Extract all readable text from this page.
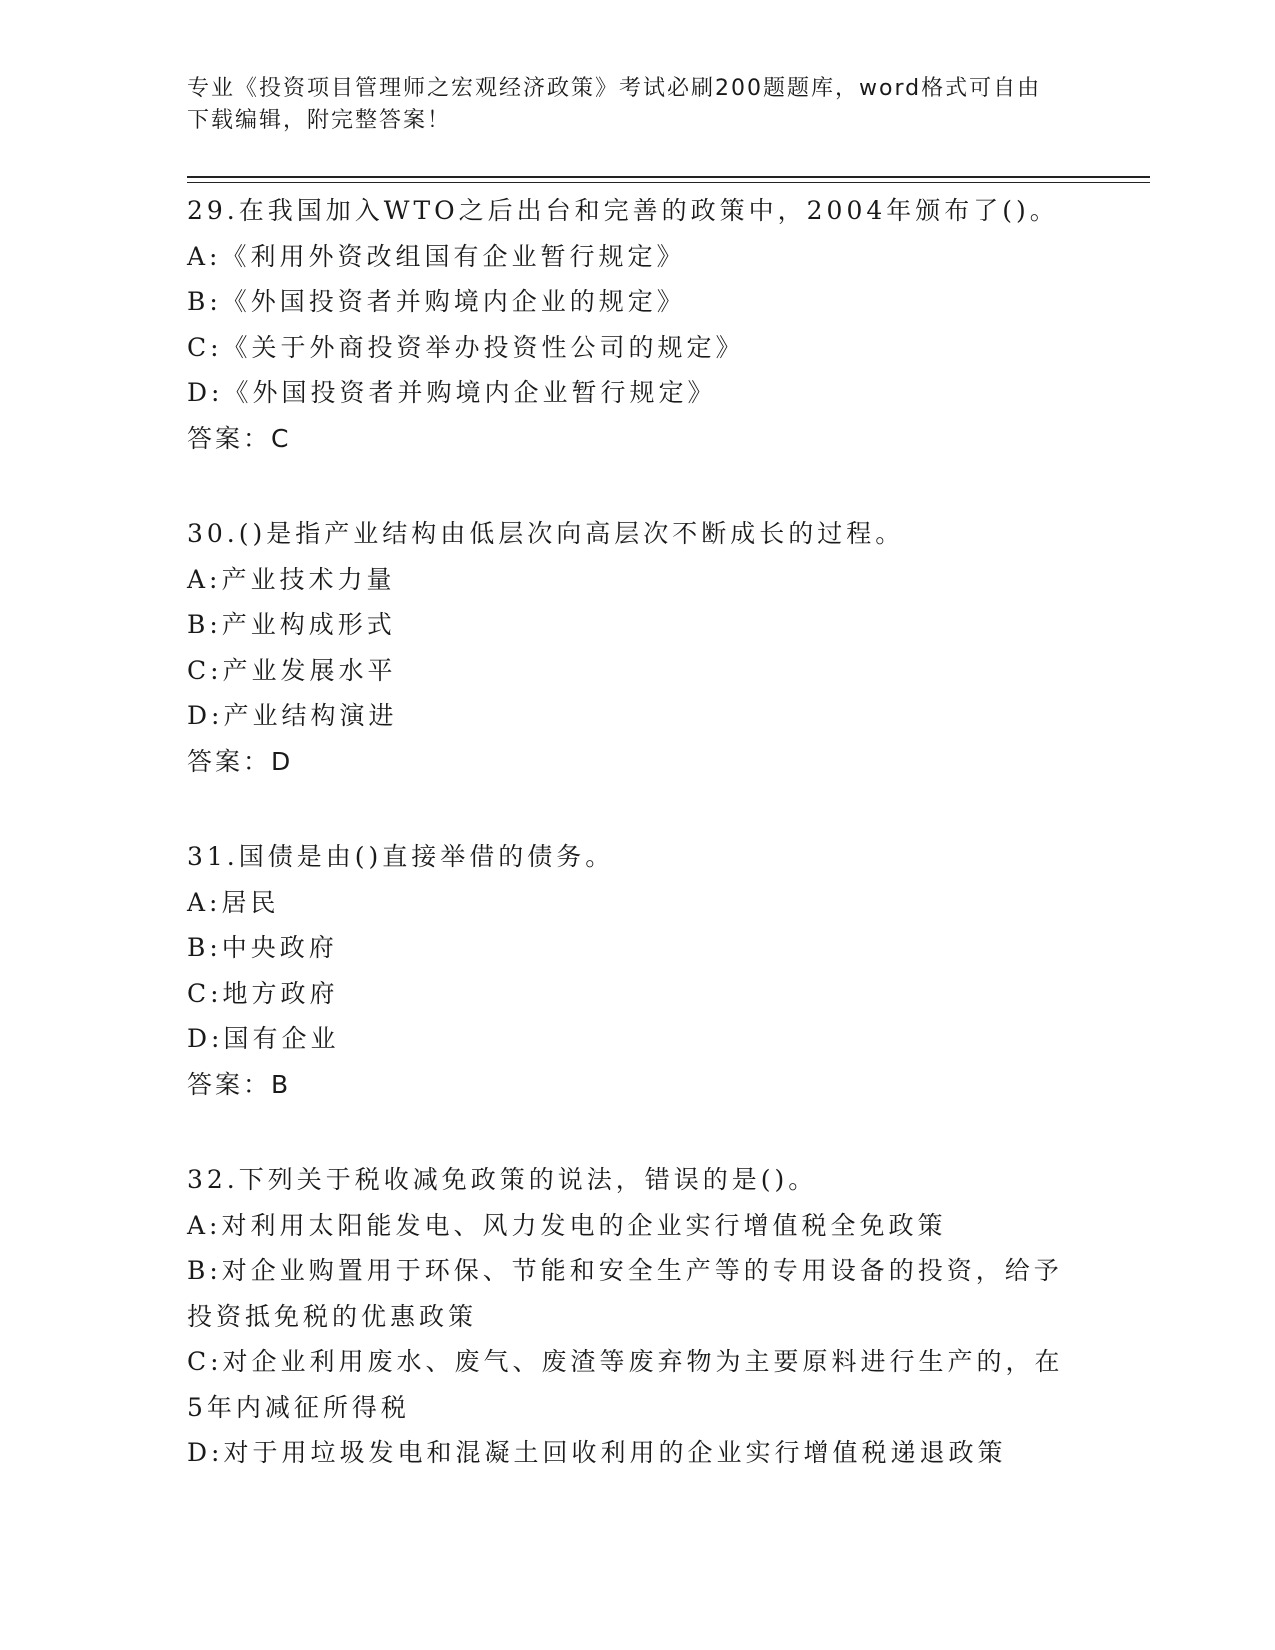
专业《投资项目管理师之宏观经济政策》考试必刷200题题库，word格式可自由
下载编辑，附完整答案！
29.在我国加入WTO之后出台和完善的政策中，2004年颁布了()。
A:《利用外资改组国有企业暂行规定》
B:《外国投资者并购境内企业的规定》
C:《关于外商投资举办投资性公司的规定》
D:《外国投资者并购境内企业暂行规定》
答案：C
30.()是指产业结构由低层次向高层次不断成长的过程。
A:产业技术力量
B:产业构成形式
C:产业发展水平
D:产业结构演进
答案：D
31.国债是由()直接举借的债务。
A:居民
B:中央政府
C:地方政府
D:国有企业
答案：B
32.下列关于税收减免政策的说法，错误的是()。
A:对利用太阳能发电、风力发电的企业实行增值税全免政策
B:对企业购置用于环保、节能和安全生产等的专用设备的投资，给予投资抵免税的优惠政策
C:对企业利用废水、废气、废渣等废弃物为主要原料进行生产的，在5年内减征所得税
D:对于用垃圾发电和混凝土回收利用的企业实行增值税递退政策
